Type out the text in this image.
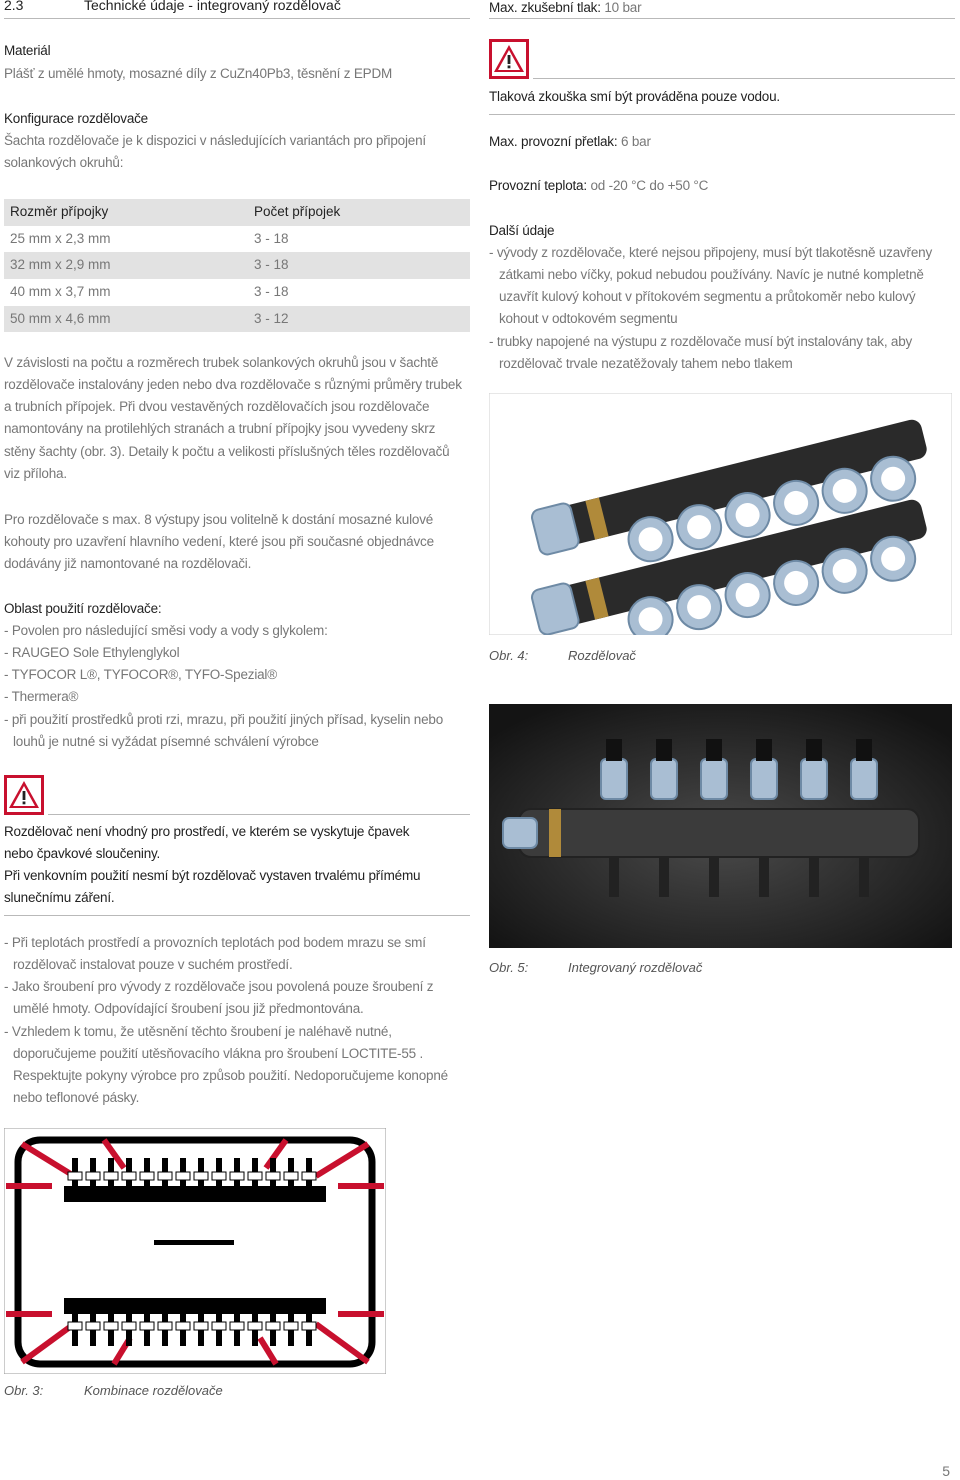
2.3	Technické údaje - integrovaný rozdělovač
Materiál
Plášť z umělé hmoty, mosazné díly z CuZn40Pb3, těsnění z EPDM
Konfigurace rozdělovače
Šachta rozdělovače je k dispozici v následujících variantách pro připojení
solankových okruhů:
Rozměr přípojky	Počet přípojek
25 mm x 2,3 mm	3 - 18
32 mm x 2,9 mm	3 - 18
40 mm x 3,7 mm	3 - 18
50 mm x 4,6 mm	3 - 12
V závislosti na počtu a rozměrech trubek solankových okruhů jsou v šachtě
rozdělovače instalovány jeden nebo dva rozdělovače s různými průměry trubek
a trubních přípojek. Při dvou vestavěných rozdělovačích jsou rozdělovače
namontovány na protilehlých stranách a trubní přípojky jsou vyvedeny skrz
stěny šachty (obr. 3). Detaily k počtu a velikosti příslušných těles rozdělovačů
viz příloha.
Pro rozdělovače s max. 8 výstupy jsou volitelně k dostání mosazné kulové
kohouty pro uzavření hlavního vedení, které jsou při současné objednávce
dodávány již namontované na rozdělovači.
Oblast použití rozdělovače:
- Povolen pro následující směsi vody a vody s glykolem:
- RAUGEO Sole Ethylenglykol
- TYFOCOR L®, TYFOCOR®, TYFO-Spezial®
- Thermera®
- při použití prostředků proti rzi, mrazu, při použití jiných přísad, kyselin nebo
louhů je nutné si vyžádat písemné schválení výrobce
Rozdělovač není vhodný pro prostředí, ve kterém se vyskytuje čpavek
nebo čpavkové sloučeniny.
Při venkovním použití nesmí být rozdělovač vystaven trvalému přímému
slunečnímu záření.
- Při teplotách prostředí a provozních teplotách pod bodem mrazu se smí
rozdělovač instalovat pouze v suchém prostředí.
- Jako šroubení pro vývody z rozdělovače jsou povolená pouze šroubení z
umělé hmoty. Odpovídající šroubení jsou již předmontována.
- Vzhledem k tomu, že utěsnění těchto šroubení je naléhavě nutné,
doporučujeme použití utěsňovacího vlákna pro šroubení LOCTITE-55 .
Respektujte pokyny výrobce pro způsob použití. Nedoporučujeme konopné
nebo teflonové pásky.
Obr. 3:	Kombinace rozdělovače
Max. zkušební tlak: 10 bar
Tlaková zkouška smí být prováděna pouze vodou.
Max. provozní přetlak: 6 bar
Provozní teplota: od -20 °C do +50 °C
Další údaje
- vývody z rozdělovače, které nejsou připojeny, musí být tlakotěsně uzavřeny
zátkami nebo víčky, pokud nebudou používány. Navíc je nutné kompletně
uzavřít kulový kohout v přítokovém segmentu a průtokoměr nebo kulový
kohout v odtokovém segmentu
- trubky napojené na výstupu z rozdělovače musí být instalovány tak, aby
rozdělovač trvale nezatěžovaly tahem nebo tlakem
Obr. 4:	Rozdělovač
Obr. 5:	Integrovaný rozdělovač
5
